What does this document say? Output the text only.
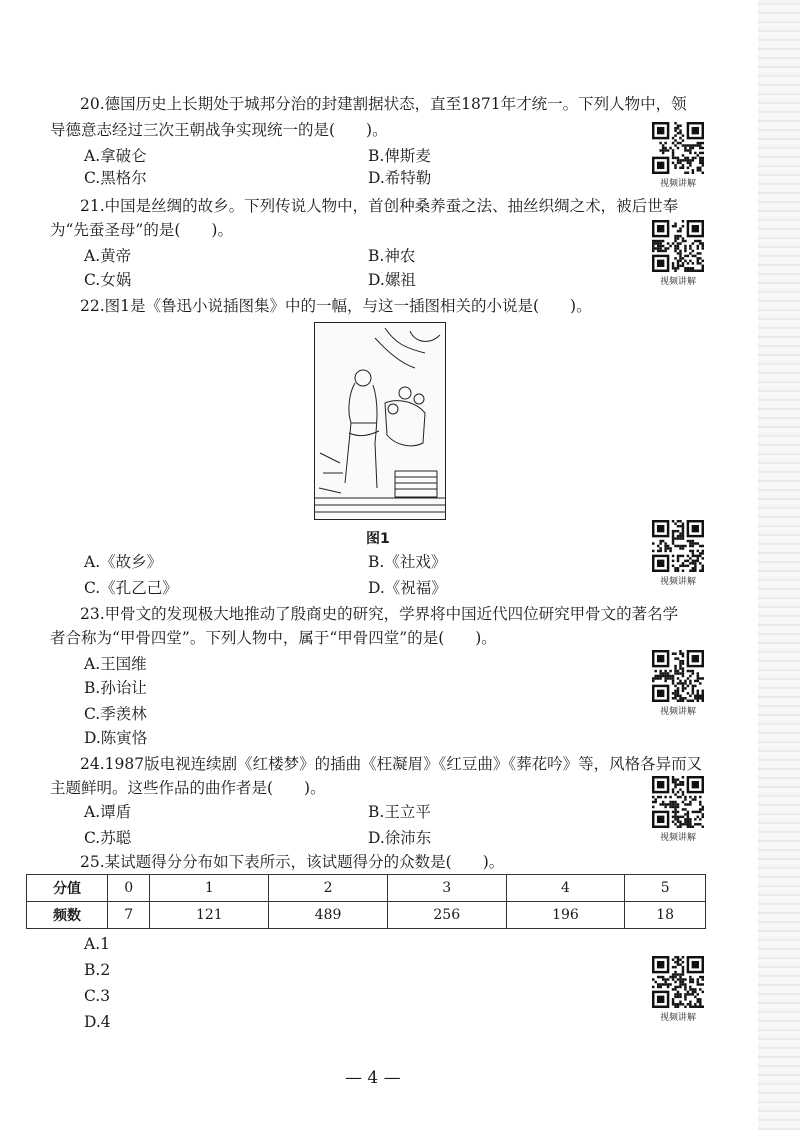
20.德国历史上长期处于城邦分治的封建割据状态，直至1871年才统一。下列人物中，领
导德意志经过三次王朝战争实现统一的是(　　)。
A.拿破仑	B.俾斯麦
C.黑格尔	D.希特勒
21.中国是丝绸的故乡。下列传说人物中，首创种桑养蚕之法、抽丝织绸之术，被后世奉
为“先蚕圣母”的是(　　)。
A.黄帝	B.神农
C.女娲	D.嫘祖
22.图1是《鲁迅小说插图集》中的一幅，与这一插图相关的小说是(　　)。
图1
A.《故乡》	B.《社戏》
C.《孔乙己》	D.《祝福》
23.甲骨文的发现极大地推动了殷商史的研究，学界将中国近代四位研究甲骨文的著名学
者合称为“甲骨四堂”。下列人物中，属于“甲骨四堂”的是(　　)。
A.王国维
B.孙诒让
C.季羡林
D.陈寅恪
24.1987版电视连续剧《红楼梦》的插曲《枉凝眉》《红豆曲》《葬花吟》等，风格各异而又
主题鲜明。这些作品的曲作者是(　　)。
A.谭盾	B.王立平
C.苏聪	D.徐沛东
25.某试题得分分布如下表所示，该试题得分的众数是(　　)。
分值	0	1	2	3	4	5
频数	7	121	489	256	196	18
A.1
B.2
C.3
D.4
视频讲解
视频讲解
视频讲解
视频讲解
视频讲解
视频讲解
— 4 —
